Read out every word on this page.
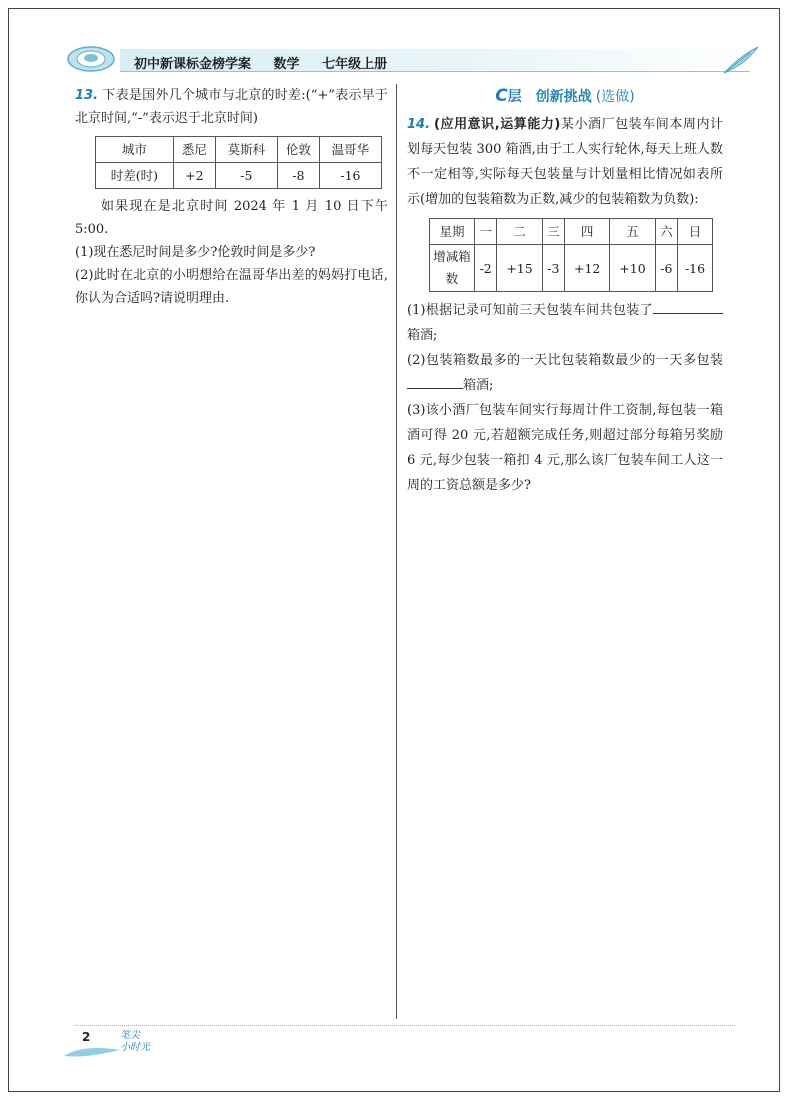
初中新课标金榜学案 数学 七年级上册

13. 下表是国外几个城市与北京的时差:(“+”表示早于北京时间,“-”表示迟于北京时间)

城市	悉尼	莫斯科	伦敦	温哥华
时差(时)	+2	-5	-8	-16

如果现在是北京时间 2024 年 1 月 10 日下午 5:00.

(1)现在悉尼时间是多少?伦敦时间是多少?

(2)此时在北京的小明想给在温哥华出差的妈妈打电话,你认为合适吗?请说明理由.

C层　创新挑战 (选做)

14. (应用意识,运算能力)某小酒厂包装车间本周内计划每天包装 300 箱酒,由于工人实行轮休,每天上班人数不一定相等,实际每天包装量与计划量相比情况如表所示(增加的包装箱数为正数,减少的包装箱数为负数):

星期	一	二	三	四	五	六	日
增减箱数	-2	+15	-3	+12	+10	-6	-16

(1)根据记录可知前三天包装车间共包装了箱酒;

(2)包装箱数最多的一天比包装箱数最少的一天多包装箱酒;

(3)该小酒厂包装车间实行每周计件工资制,每包装一箱酒可得 20 元,若超额完成任务,则超过部分每箱另奖励 6 元,每少包装一箱扣 4 元,那么该厂包装车间工人这一周的工资总额是多少?

2	笔尖
小时光
